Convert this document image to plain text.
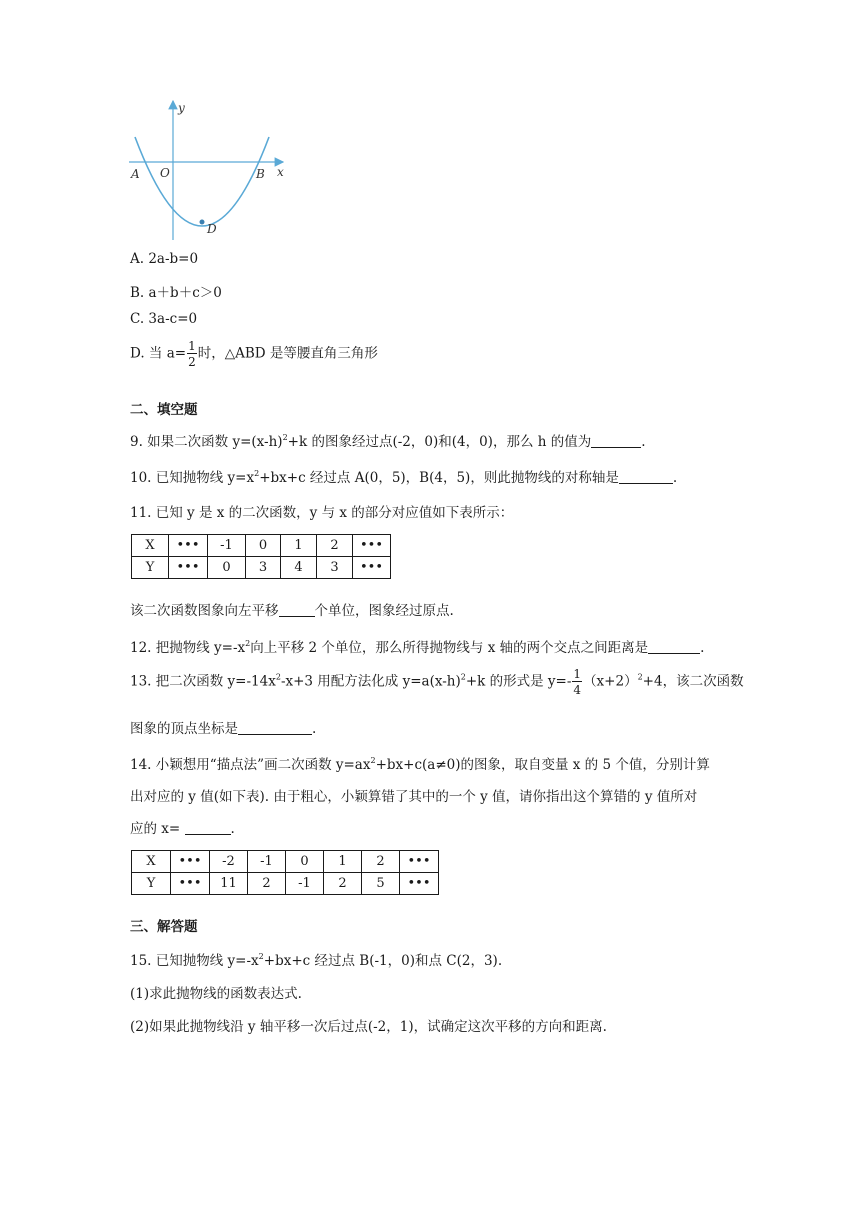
y
x
A O	B
D
A. 2a-b=0
B. a＋b＋c＞0
C. 3a-c=0
D. 当 $a= \frac{1}{2}$ 时，△ABD 是等腰直角三角形
二、填空题
9. 如果二次函数 $y=(x-h)^2+k$ 的图象经过点(-2，0)和(4，0)，那么 h 的值为	.
10. 已知抛物线 $y=x^2+bx+c$ 经过点 A(0，5)，B(4，5)，则此抛物线的对称轴是	.
11. 已知 y 是 x 的二次函数，y 与 x 的部分对应值如下表所示：
X	•••	-1	0	1	2	•••
Y	•••	0	3	4	3	•••
该二次函数图象向左平移	个单位，图象经过原点.
12. 把抛物线 $y=-x^2$向上平移 2 个单位，那么所得抛物线与 x 轴的两个交点之间距离是	.
13. 把二次函数 $y=-14x^2-x+3$ 用配方法化成 $y=a(x-h)^2+k$ 的形式是 $y=- \frac{1}{4} (x+2)^2+4$，该二次函数
图象的顶点坐标是	.
14. 小颖想用“描点法”画二次函数 $y=ax^2+bx+c(a\ne 0)$的图象，取自变量 x 的 5 个值，分别计算
出对应的 y 值(如下表). 由于粗心，小颖算错了其中的一个 y 值，请你指出这个算错的 y 值所对
应的 x=	.
X	•••	-2	-1	0	1	2	•••
Y	•••	11	2	-1	2	5	•••
三、解答题
15. 已知抛物线 $y=-x^2+bx+c$ 经过点 B(-1，0)和点 C(2，3).
(1)求此抛物线的函数表达式.
(2)如果此抛物线沿 y 轴平移一次后过点(-2，1)，试确定这次平移的方向和距离.
